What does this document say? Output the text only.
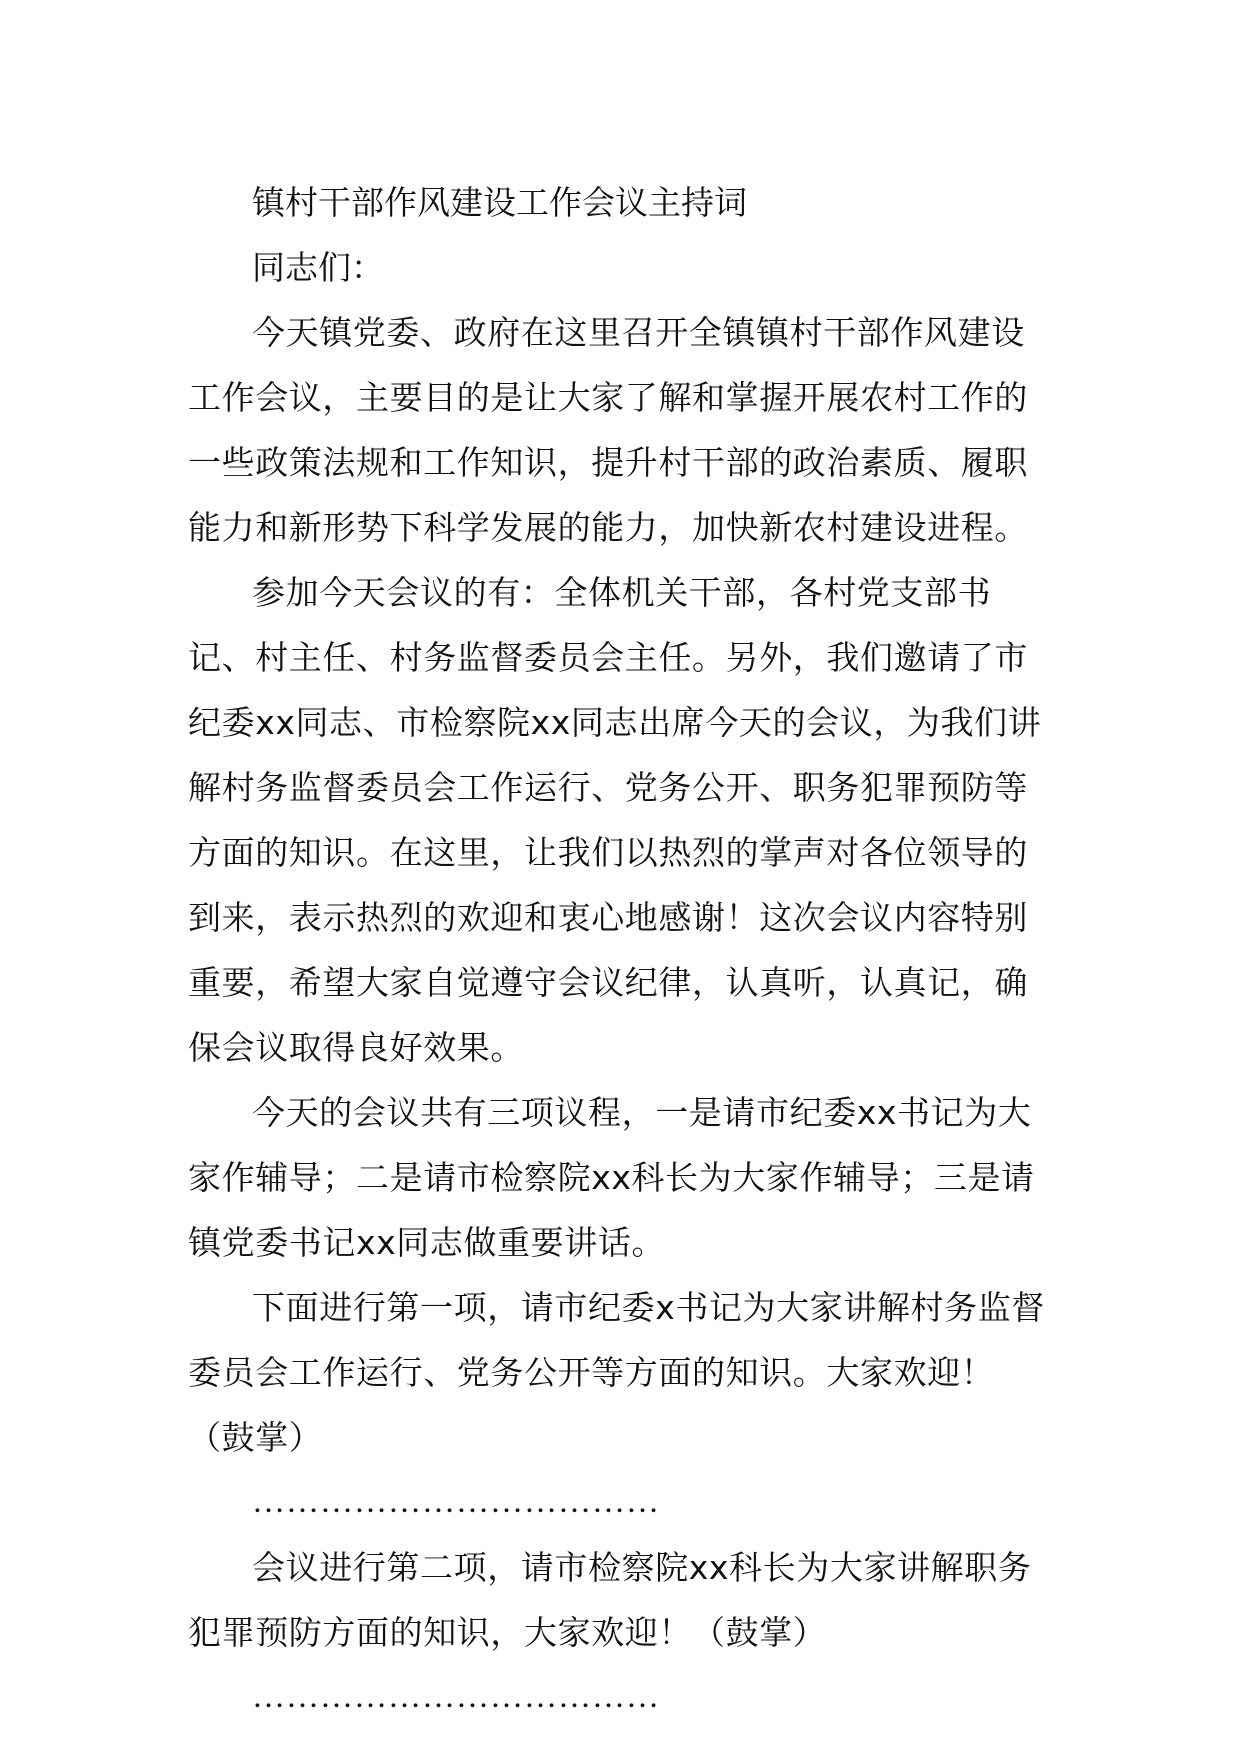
镇村干部作风建设工作会议主持词

同志们：

今天镇党委、政府在这里召开全镇镇村干部作风建设工作会议，主要目的是让大家了解和掌握开展农村工作的一些政策法规和工作知识，提升村干部的政治素质、履职能力和新形势下科学发展的能力，加快新农村建设进程。

参加今天会议的有：全体机关干部，各村党支部书记、村主任、村务监督委员会主任。另外，我们邀请了市纪委xx同志、市检察院xx同志出席今天的会议，为我们讲解村务监督委员会工作运行、党务公开、职务犯罪预防等方面的知识。在这里，让我们以热烈的掌声对各位领导的到来，表示热烈的欢迎和衷心地感谢！这次会议内容特别重要，希望大家自觉遵守会议纪律，认真听，认真记，确保会议取得良好效果。

今天的会议共有三项议程，一是请市纪委xx书记为大家作辅导；二是请市检察院xx科长为大家作辅导；三是请镇党委书记xx同志做重要讲话。

下面进行第一项，请市纪委x书记为大家讲解村务监督委员会工作运行、党务公开等方面的知识。大家欢迎！（鼓掌）

………………………………

会议进行第二项，请市检察院xx科长为大家讲解职务犯罪预防方面的知识，大家欢迎！（鼓掌）

………………………………
